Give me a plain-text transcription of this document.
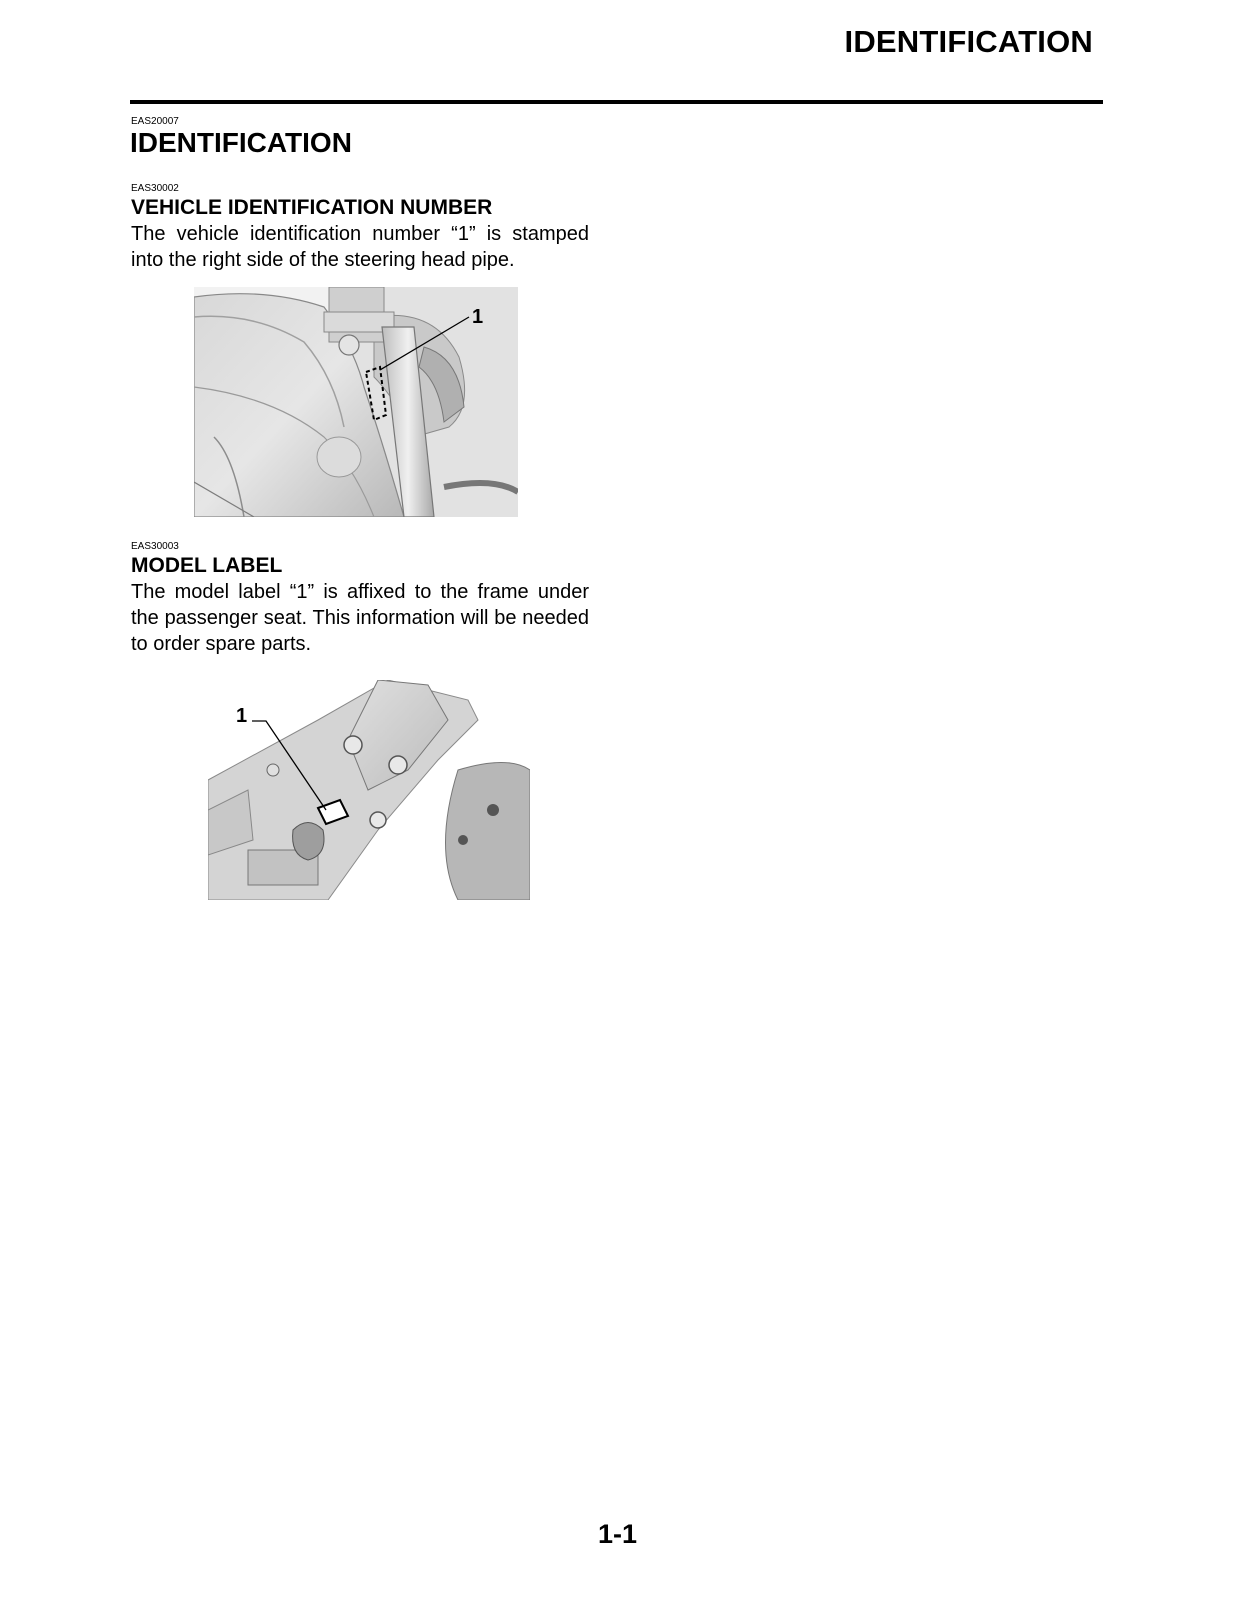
IDENTIFICATION
EAS20007
IDENTIFICATION
EAS30002
VEHICLE IDENTIFICATION NUMBER
The vehicle identification number “1” is stamped into the right side of the steering head pipe.
1
EAS30003
MODEL LABEL
The model label “1” is affixed to the frame under the passenger seat. This information will be needed to order spare parts.
1
1-1
